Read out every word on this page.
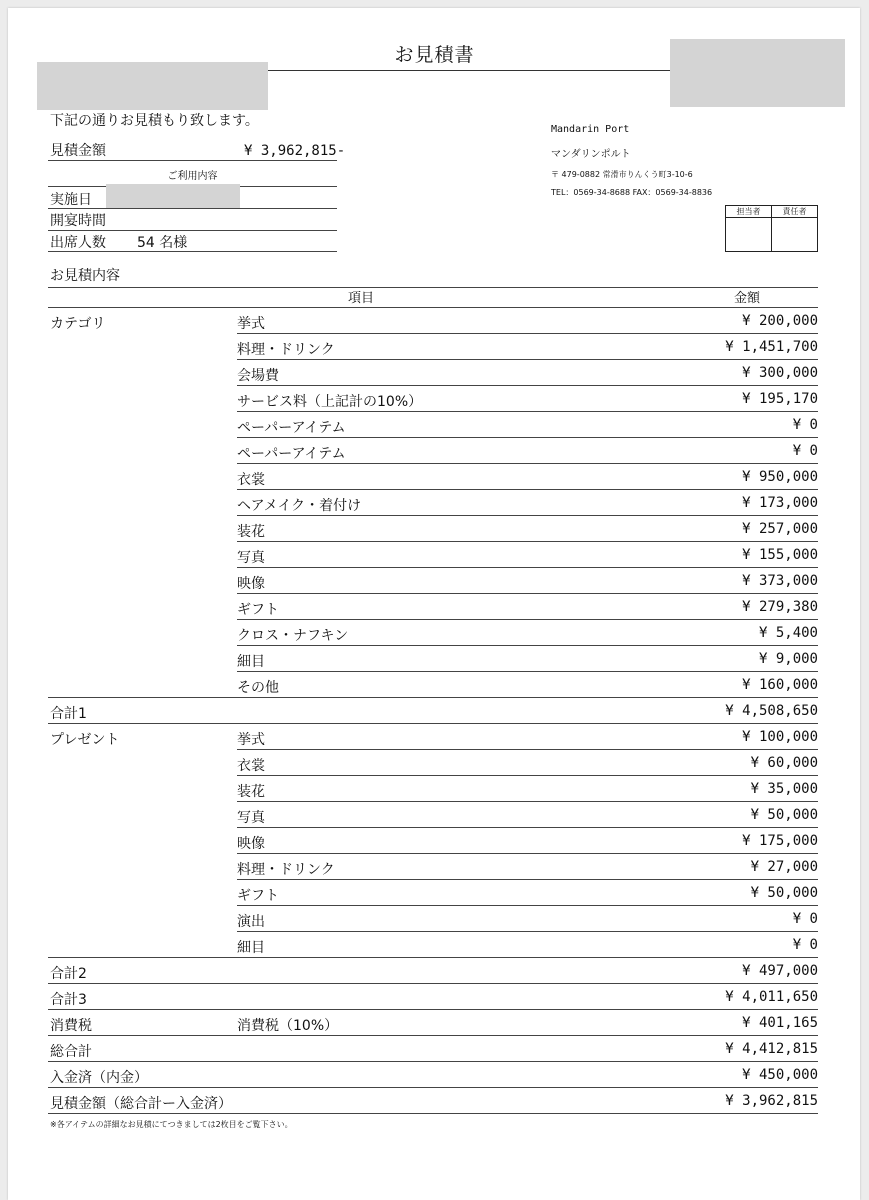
お見積書
下記の通りお見積もり致します。
見積金額	¥ 3,962,815-
ご利用内容
実施日
開宴時間
出席人数 54 名様
Mandarin Port
マンダリンポルト
〒 479-0882 常滑市りんくう町3-10-6
TEL：0569-34-8688 FAX：0569-34-8836
担当者	責任者
お見積内容
項目	金額
カテゴリ	挙式	¥ 200,000
料理・ドリンク	¥ 1,451,700
会場費	¥ 300,000
サービス料（上記計の10%）	¥ 195,170
ペーパーアイテム	¥ 0
ペーパーアイテム	¥ 0
衣裳	¥ 950,000
ヘアメイク・着付け	¥ 173,000
装花	¥ 257,000
写真	¥ 155,000
映像	¥ 373,000
ギフト	¥ 279,380
クロス・ナフキン	¥ 5,400
細目	¥ 9,000
その他	¥ 160,000
合計1	¥ 4,508,650
プレゼント	挙式	¥ 100,000
衣裳	¥ 60,000
装花	¥ 35,000
写真	¥ 50,000
映像	¥ 175,000
料理・ドリンク	¥ 27,000
ギフト	¥ 50,000
演出	¥ 0
細目	¥ 0
合計2	¥ 497,000
合計3	¥ 4,011,650
消費税	消費税（10%）	¥ 401,165
総合計	¥ 4,412,815
入金済（内金）	¥ 450,000
見積金額（総合計ー入金済）	¥ 3,962,815
※各アイテムの詳細なお見積にてつきましては2枚目をご覧下さい。
